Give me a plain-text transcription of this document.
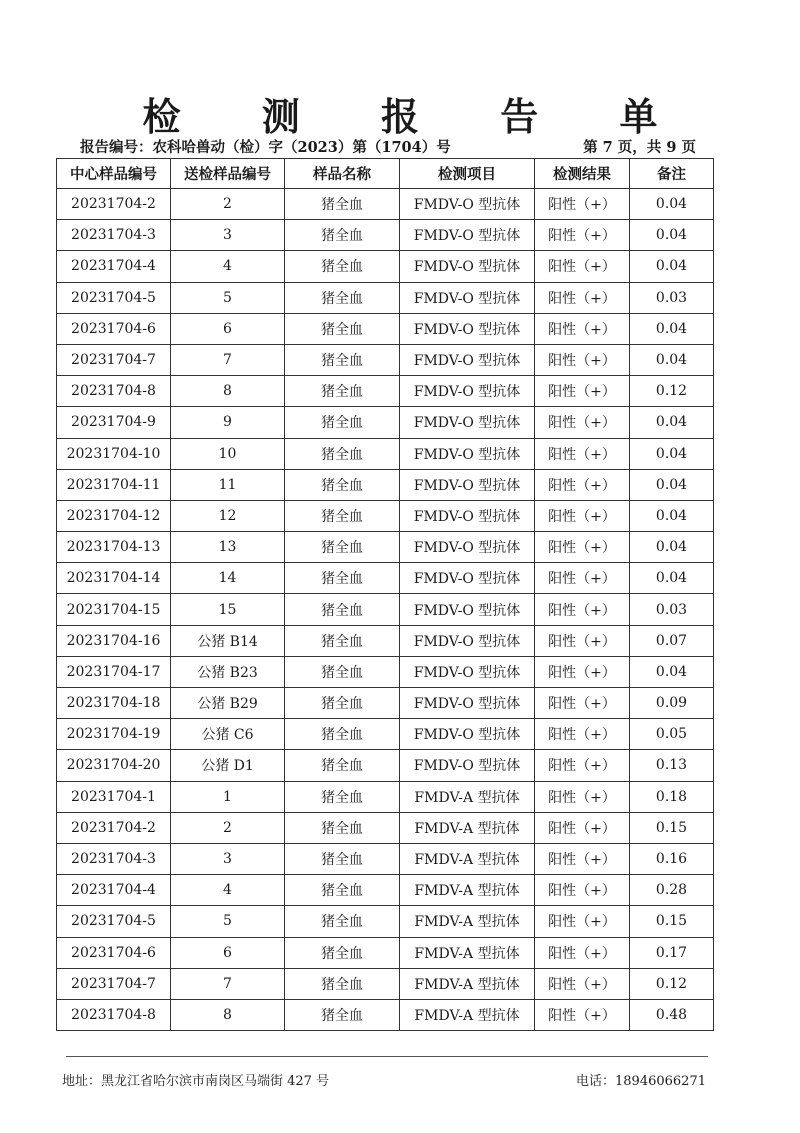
检 测 报 告 单
报告编号：农科哈兽动（检）字（2023）第（1704）号	第 7 页，共 9 页
中心样品编号	送检样品编号	样品名称	检测项目	检测结果	备注
20231704-2	2	猪全血	FMDV-O 型抗体	阳性（+）	0.04
20231704-3	3	猪全血	FMDV-O 型抗体	阳性（+）	0.04
20231704-4	4	猪全血	FMDV-O 型抗体	阳性（+）	0.04
20231704-5	5	猪全血	FMDV-O 型抗体	阳性（+）	0.03
20231704-6	6	猪全血	FMDV-O 型抗体	阳性（+）	0.04
20231704-7	7	猪全血	FMDV-O 型抗体	阳性（+）	0.04
20231704-8	8	猪全血	FMDV-O 型抗体	阳性（+）	0.12
20231704-9	9	猪全血	FMDV-O 型抗体	阳性（+）	0.04
20231704-10	10	猪全血	FMDV-O 型抗体	阳性（+）	0.04
20231704-11	11	猪全血	FMDV-O 型抗体	阳性（+）	0.04
20231704-12	12	猪全血	FMDV-O 型抗体	阳性（+）	0.04
20231704-13	13	猪全血	FMDV-O 型抗体	阳性（+）	0.04
20231704-14	14	猪全血	FMDV-O 型抗体	阳性（+）	0.04
20231704-15	15	猪全血	FMDV-O 型抗体	阳性（+）	0.03
20231704-16	公猪 B14	猪全血	FMDV-O 型抗体	阳性（+）	0.07
20231704-17	公猪 B23	猪全血	FMDV-O 型抗体	阳性（+）	0.04
20231704-18	公猪 B29	猪全血	FMDV-O 型抗体	阳性（+）	0.09
20231704-19	公猪 C6	猪全血	FMDV-O 型抗体	阳性（+）	0.05
20231704-20	公猪 D1	猪全血	FMDV-O 型抗体	阳性（+）	0.13
20231704-1	1	猪全血	FMDV-A 型抗体	阳性（+）	0.18
20231704-2	2	猪全血	FMDV-A 型抗体	阳性（+）	0.15
20231704-3	3	猪全血	FMDV-A 型抗体	阳性（+）	0.16
20231704-4	4	猪全血	FMDV-A 型抗体	阳性（+）	0.28
20231704-5	5	猪全血	FMDV-A 型抗体	阳性（+）	0.15
20231704-6	6	猪全血	FMDV-A 型抗体	阳性（+）	0.17
20231704-7	7	猪全血	FMDV-A 型抗体	阳性（+）	0.12
20231704-8	8	猪全血	FMDV-A 型抗体	阳性（+）	0.48
地址：黑龙江省哈尔滨市南岗区马端街 427 号	电话：18946066271
